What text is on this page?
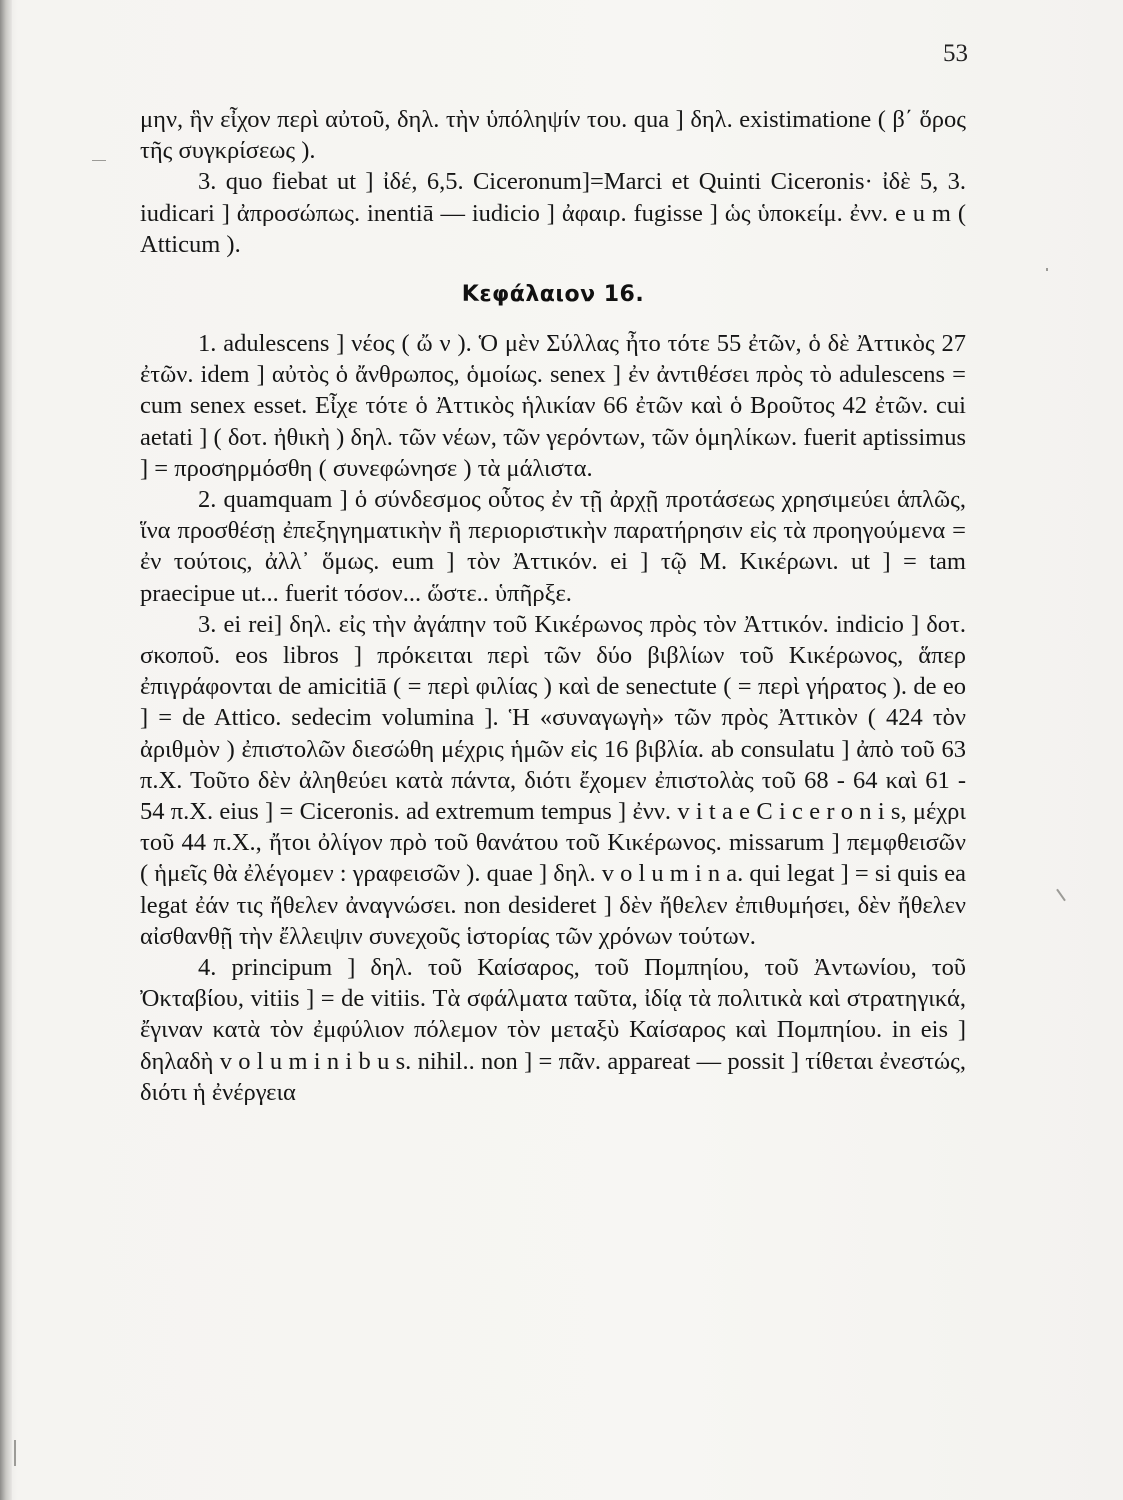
53

μην, ἣν εἶχον περὶ αὐτοῦ, δηλ. τὴν ὑπόληψίν του. qua ] δηλ. existimatione ( β΄ ὅρος τῆς συγκρίσεως ).

3. quo fiebat ut ] ἰδέ, 6,5. Ciceronum]=Marci et Quinti Ciceronis· ἰδὲ 5, 3. iudicari ] ἀπροσώπως. inentiā — iudicio ] ἀφαιρ. fugisse ] ὡς ὑποκείμ. ἐνν. e u m ( Atticum ).

Κεφάλαιον 16.

1. adulescens ] νέος ( ὤ ν ). Ὁ μὲν Σύλλας ἦτο τότε 55 ἐτῶν, ὁ δὲ Ἀττικὸς 27 ἐτῶν. idem ] αὐτὸς ὁ ἄνθρωπος, ὁμοίως. senex ] ἐν ἀντιθέσει πρὸς τὸ adulescens = cum senex esset. Εἶχε τότε ὁ Ἀττικὸς ἡλικίαν 66 ἐτῶν καὶ ὁ Βροῦτος 42 ἐτῶν. cui aetati ] ( δοτ. ἠθικὴ ) δηλ. τῶν νέων, τῶν γερόντων, τῶν ὁμηλίκων. fuerit aptissimus ] = προσηρμόσθη ( συνεφώνησε ) τὰ μάλιστα.

2. quamquam ] ὁ σύνδεσμος οὗτος ἐν τῇ ἀρχῇ προτάσεως χρησιμεύει ἁπλῶς, ἵνα προσθέσῃ ἐπεξηγηματικὴν ἢ περιοριστικὴν παρατήρησιν εἰς τὰ προηγούμενα = ἐν τούτοις, ἀλλ᾽ ὅμως. eum ] τὸν Ἀττικόν. ei ] τῷ M. Κικέρωνι. ut ] = tam praecipue ut... fuerit τόσον... ὥστε.. ὑπῆρξε.

3. ei rei] δηλ. εἰς τὴν ἀγάπην τοῦ Κικέρωνος πρὸς τὸν Ἀττικόν. indicio ] δοτ. σκοποῦ. eos libros ] πρόκειται περὶ τῶν δύο βιβλίων τοῦ Κικέρωνος, ἅπερ ἐπιγράφονται de amicitiā ( = περὶ φιλίας ) καὶ de senectute ( = περὶ γήρατος ). de eo ] = de Attico. sedecim volumina ]. Ἡ «συναγωγὴ» τῶν πρὸς Ἀττικὸν ( 424 τὸν ἀριθμὸν ) ἐπιστολῶν διεσώθη μέχρις ἡμῶν εἰς 16 βιβλία. ab consulatu ] ἀπὸ τοῦ 63 π.Χ. Τοῦτο δὲν ἀληθεύει κατὰ πάντα, διότι ἔχομεν ἐπιστολὰς τοῦ 68 - 64 καὶ 61 - 54 π.Χ. eius ] = Ciceronis. ad extremum tempus ] ἐνν. v i t a e C i c e r o n i s, μέχρι τοῦ 44 π.Χ., ἤτοι ὀλίγον πρὸ τοῦ θανάτου τοῦ Κικέρωνος. missarum ] πεμφθεισῶν ( ἡμεῖς θὰ ἐλέγομεν : γραφεισῶν ). quae ] δηλ. v o l u m i n a. qui legat ] = si quis ea legat ἐάν τις ἤθελεν ἀναγνώσει. non desideret ] δὲν ἤθελεν ἐπιθυμήσει, δὲν ἤθελεν αἰσθανθῇ τὴν ἔλλειψιν συνεχοῦς ἱστορίας τῶν χρόνων τούτων.

4. principum ] δηλ. τοῦ Καίσαρος, τοῦ Πομπηίου, τοῦ Ἀντωνίου, τοῦ Ὀκταβίου, vitiis ] = de vitiis. Τὰ σφάλματα ταῦτα, ἰδίᾳ τὰ πολιτικὰ καὶ στρατηγικά, ἔγιναν κατὰ τὸν ἐμφύλιον πόλεμον τὸν μεταξὺ Καίσαρος καὶ Πομπηίου. in eis ] δηλαδὴ v o l u m i n i b u s. nihil.. non ] = πᾶν. appareat — possit ] τίθεται ἐνεστώς, διότι ἡ ἐνέργεια
